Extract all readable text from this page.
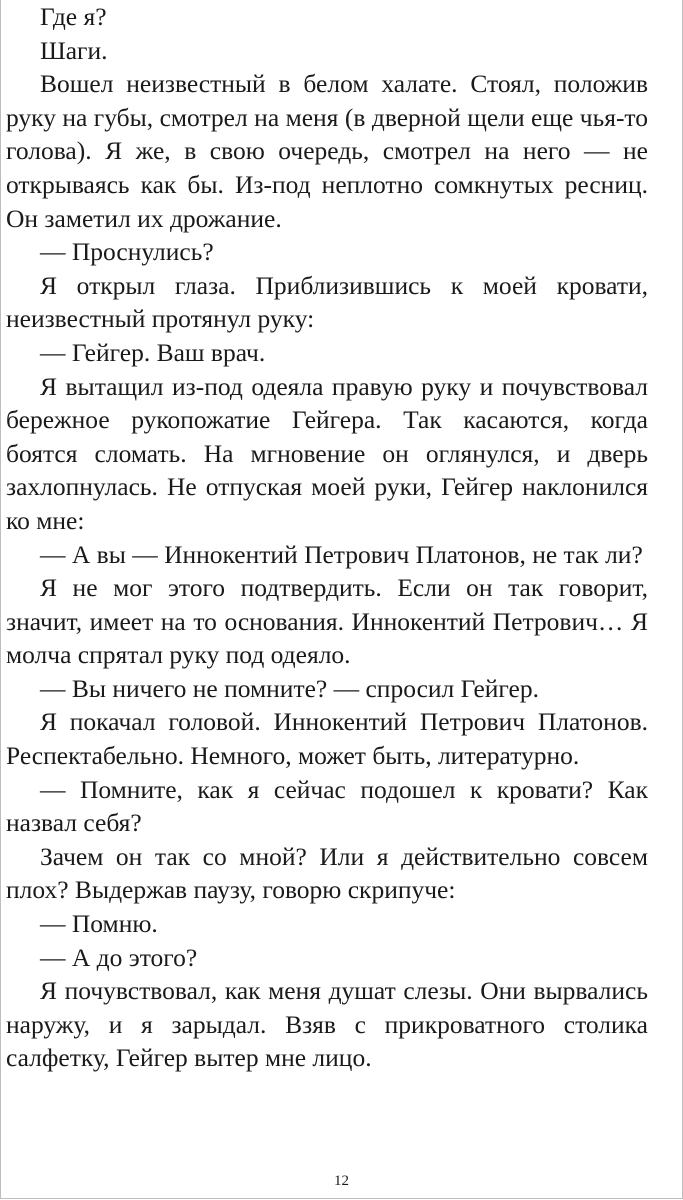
Где я?

Шаги.

Вошел неизвестный в белом халате. Стоял, положив руку на губы, смотрел на меня (в дверной щели еще чья-то голова). Я же, в свою очередь, смотрел на него — не открываясь как бы. Из-под неплотно сомкнутых ресниц. Он заметил их дрожание.

— Проснулись?

Я открыл глаза. Приблизившись к моей кровати, неизвестный протянул руку:

— Гейгер. Ваш врач.

Я вытащил из-под одеяла правую руку и почувствовал бережное рукопожатие Гейгера. Так касаются, когда боятся сломать. На мгновение он оглянулся, и дверь захлопнулась. Не отпуская моей руки, Гейгер наклонился ко мне:

— А вы — Иннокентий Петрович Платонов, не так ли?

Я не мог этого подтвердить. Если он так говорит, значит, имеет на то основания. Иннокентий Петрович… Я молча спрятал руку под одеяло.

— Вы ничего не помните? — спросил Гейгер.

Я покачал головой. Иннокентий Петрович Платонов. Респектабельно. Немного, может быть, литературно.

— Помните, как я сейчас подошел к кровати? Как назвал себя?

Зачем он так со мной? Или я действительно совсем плох? Выдержав паузу, говорю скрипуче:

— Помню.

— А до этого?

Я почувствовал, как меня душат слезы. Они вырвались наружу, и я зарыдал. Взяв с прикроватного столика салфетку, Гейгер вытер мне лицо.

12
